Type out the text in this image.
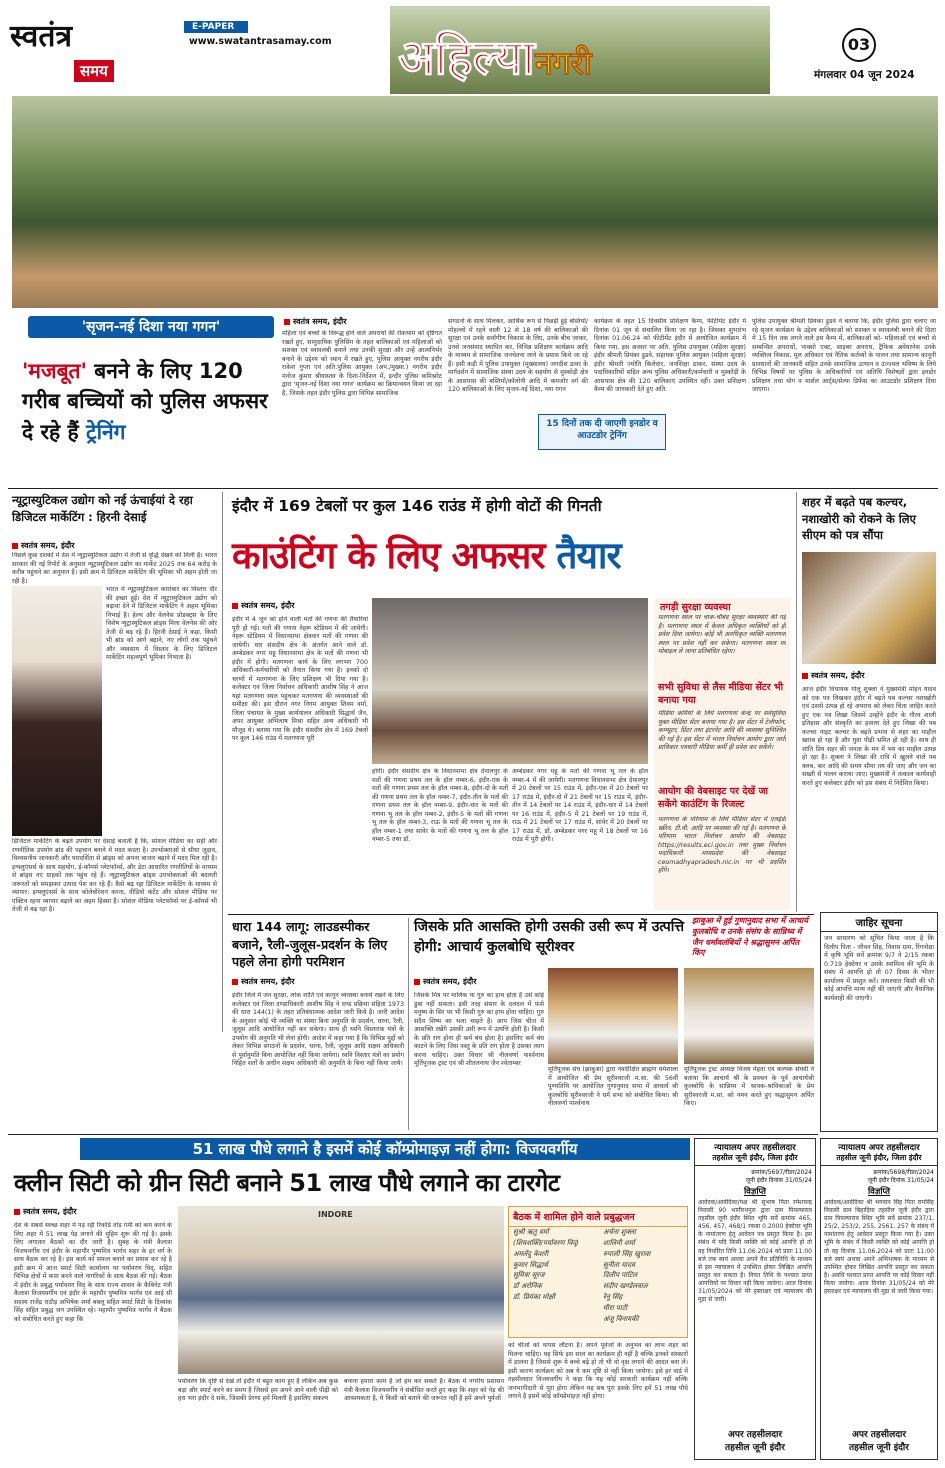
स्वतंत्र
समय
E-PAPER
www.swatantrasamay.com अहिल्यानगरी	03
मंगलवार 04 जून 2024
'सृजन-नई दिशा नया गगन'
'मजबूत' बनने के लिए 120 गरीब बच्चियों को पुलिस अफसर दे रहे हैं ट्रेनिंग
स्वतंत्र समय, इंदौर
महिला एवं बच्चों के विरूद्ध होने वाले अपराधों की रोकथाम को दृष्टिगत रखते हुए, सामुदायिक पुलिसिंग के तहत बालिकाओं एवं महिलाओं को सशक्त एवं स्वावलंबी बनाने तथा उनकी सुरक्षा और उन्हें आत्मनिर्भर बनाने के उद्देश्य को ध्यान में रखते हुए, पुलिस आयुक्त नगरीय इंदौर राकेश गुप्ता एवं अति.पुलिस आयुक्त (अप./मुख्या.) नगरीय इंदौर मनोज कुमार श्रीवास्तव के दिशा-निर्देशन में, इन्दौर पुलिस कमिश्नरेट द्वारा 'सृजन-नई दिशा नया गगन' कार्यक्रम का क्रियान्वयन किया जा रहा है, जिसके तहत इंदौर पुलिस द्वारा विभिन्न सामाजिक
संगठनों के साथ मिलकर, आर्थिक रूप से पिछड़ी हुई बस्तियों/मोहल्लों में रहने वाली 12 से 18 वर्ष की बालिकाओं की सुरक्षा एवं उनके सर्वांगीण विकास के लिए, उनके बीच जाकर, उनसे जनसंवाद स्थापित कर, विभिन्न प्रशिक्षण कार्यक्रम आदि के माध्यम से सामाजिक जनचेतना लाने के प्रयास किये जा रहे हैं। इसी कड़ी में पुलिस उपायुक्त (मुख्यालय) जगदीश डावर के मार्गदर्शन में सामाजिक संस्था उदय के सहयोग से मुस्कोड़ी क्षेत्र के आसपास की बस्तियों/कॉलोनी आदि में कमजोर वर्ग की 120 बालिकाओं के लिए सृजन-नई दिशा, नया गगन
15 दिनों तक दी जाएगी इनडोर व आउटडोर ट्रेनिंग
कार्यक्रम के तहत 15 दिवसीय प्रशिक्षण कैम्प, फीटीमेंट इंदौर में दिनांक 01 जून से संचालित किया जा रहा है। जिसका शुभारंभ दिनांक 01.06.24 को फीटीमेंट इंदौर में आयोजित कार्यक्रम में किया गया, इस अवसर पर अति. पुलिस उपायुक्त (महिला सुरक्षा) इंदौर श्रीमती प्रियंका डुडवे, सहायक पुलिस आयुक्त (महिला सुरक्षा) इंदौर श्रीमती ज्योति किलेदार, जनशिक्षा ठाकर, संस्था उदय के पदाधिकारियों सहित अन्य पुलिस अधिकारी/कर्मचारी व मुस्कोड़ी के आसपास क्षेत्र की 120 बालिकाएं उपस्थित रहीं। उक्त प्रशिक्षण कैम्प की जानकारी देते हुए अति.
पुलिस उपायुक्त श्रीमती प्रियंका डुडवे ने बताया कि, इंदौर पुलिस द्वारा चलाए जा रहे सृजन कार्यक्रम के उद्देश्य बालिकाओं को सशक्त व स्वावलंबी बनाने की दिशा में 15 दिन तक लगने वाले इस कैम्प में, बालिकाओं को- महिलाओं एवं बच्चों से सम्बन्धित अपराधों, पाक्सो एक्ट, साइबर अपराध, ट्रैफिक अवेयरनेस उनके व्यक्तित्व विकास, मूल अधिकार एवं नैतिक कर्तव्यों के पालन तथा सामान्य कानूनी प्रावधानों की जानकारी सहित उनके सामाजिक उत्थान व उज्ज्वल भविष्य के लिये विभिन्न विषयों पर पुलिस के अधिकारियों एवं अतिथि विशेषज्ञों द्वारा इनडोर प्रशिक्षण तथा योग व मार्शल आर्ट्स/सेल्फ डिफेंस का आउटडोर प्रशिक्षण दिया जाएगा।
न्यूट्रास्युटिकल उद्योग को नई ऊंचाईयां दे रहा डिजिटल मार्केटिंग : हिरनी देसाई
स्वतंत्र समय, इंदौर
पिछले कुछ दशकों में देश में न्यूट्रास्युटिकल उद्योग में तेजी से वृद्धि देखने को मिली है। भारत सरकार की नई रिपोर्ट के अनुसार न्यूट्रास्युटिकल उद्योग का मार्केट 2025 तक 64 करोड़ के करीब पहुंचने का अनुमान है। इसी क्रम में डिजिटल मार्केटिंग की भूमिका भी अहम होती जा रही है।
भारत में न्यूट्रास्युटिकल कारोबार का विस्तार दौर की इच्छा हुई। देश में न्यूट्रास्युटिकल उद्योग को बढ़ावा देने में डिजिटल मार्केटिंग ने अहम भूमिका निभाई है। हेल्थ और वेलनेस प्रोडक्ट्स के लिए विशेष न्यूट्रास्युटिकल ब्रांड्स मिला वेलनेस की ओर तेजी से बढ़ रहे हैं। हिरनी देसाई ने कहा, किसी भी ब्रांड को आगे बढ़ाने, नए लोगों तक पहुंचने और व्यवसाय में विस्तार के लिए डिजिटल मार्केटिंग महत्वपूर्ण भूमिका निभाता है।
डिजिटल मार्केटिंग के बढ़ते उपयोग पर देसाई बताती हैं कि, सोशल मीडिया का सही और रणनीतिक उपयोग ब्रांड की पहचान बनाने में मदद करता है। उपभोक्ताओं से सीधा जुड़ाव, विश्वसनीय जानकारी और पारदर्शिता से ब्रांड्स को अपना बाजार बढ़ाने में मदद मिल रही है। इन्फ्लुएंसर्स के साथ सहयोग, ई-कॉमर्स प्लेटफॉर्म्स, और डेटा आधारित रणनीतियों के माध्यम से ब्रांड्स नए ग्राहकों तक पहुंच रहे हैं। न्यूट्रास्युटिकल ब्रांड्स उपभोक्ताओं की बदलती जरूरतों को समझकर उत्पाद पेश कर रहे हैं। कैसे बढ़ रहा डिजिटल मार्केटिंग के माध्यम से व्यापार: इन्फ्लुएंसर्स के साथ कोलेबोरेशन करना, वीडियो कंटेंट और सोशल मीडिया पर एक्टिव रहना व्यापार बढ़ाने का अहम हिस्सा है। सोशल मीडिया प्लेटफॉर्म्स पर ई-कॉमर्स भी तेजी से बढ़ रहा है।
इंदौर में 169 टेबलों पर कुल 146 राउंड में होगी वोटों की गिनती
काउंटिंग के लिए अफसर तैयार
स्वतंत्र समय, इंदौर
इंदौर में 4 जून को होने वाली मतों की गणना की तैयारियां पूरी हो गई। मतों की गणना नेहरू स्टेडियम में की जायेगी। नेहरू स्टेडियम में विधानसभा क्षेत्रवार मतों की गणना की जायेगी। धार संसदीय क्षेत्र के अंतर्गत आने वाले डॉ. अम्बेडकर नगर महू विधानसभा क्षेत्र के मतों की गणना भी इंदौर में होगी। मतगणना कार्य के लिए लगभग 700 अधिकारी-कर्मचारियों को तैनात किया गया है। इनको दो चरणों में मतगणना के लिए प्रशिक्षण भी दिया गया है। कलेक्टर एवं जिला निर्वाचन अधिकारी आशीष सिंह ने आज यहां मतगणना स्थल पहुंचकर मतगणना की व्यवस्थाओं की समीक्षा की। इस दौरान नगर निगम आयुक्त शिवम वर्मा, जिला पंचायत के मुख्य कार्यपालन अधिकारी सिद्धार्थ जैन, अपर आयुक्त अभिलाष मिश्रा सहित अन्य अधिकारी भी मौजूद थे। बताया गया कि इंदौर संसदीय क्षेत्र में 169 टेबलों पर कुल 146 राउंड में मतगणना पूरी
होगी। इंदौर संसदीय क्षेत्र के विधानसभा क्षेत्र देपालपुर के मतों की गणना प्रथम तल के हॉल नम्बर-6, इंदौर-एक के मतों की गणना प्रथम तल के हॉल नम्बर-8, इंदौर-दो के मतों की गणना प्रथम तल के हॉल नम्बर-7, इंदौर-तीन के मतों की गणना प्रथम तल के हॉल नम्बर-9, इंदौर-चार के मतों की गणना भू तल के हॉल नम्बर-2, इंदौर-5 के मतों की गणना भू तल के हॉल नम्बर-3, राऊ के मतों की गणना भू तल के हॉल नम्बर-1 तथा सांवेर के मतों की गणना भू तल के हॉल नम्बर-5 तथा डॉ.
अम्बेडकर नगर महू के मतों की गणना भू तल के हॉल नम्बर-4 में की जायेगी। मतगणना विधानसभा क्षेत्र देपालपुर में 20 टेबलों पर 15 राउंड में, इंदौर-एक में 20 टेबलों पर 17 राउंड में, इंदौर-दो में 21 टेबलों पर 15 राउंड में, इंदौर-तीन में 14 टेबलों पर 14 राउंड में, इंदौर-चार में 14 टेबलों पर 16 राउंड में, इंदौर-5 में 21 टेबलों पर 19 राउंड में, राऊ में 21 टेबलों पर 17 राउंड में, सांवेर में 20 टेबलों पर 17 राउंड में, डॉ. अम्बेडकर नगर महू में 18 टेबलों पर 16 राउंड में पूरी होगी।
तगड़ी सुरक्षा व्यवस्था
मतगणना स्थल पर चाक-चौबंद सुरक्षा व्यवस्थाएं की गई है। मतगणना स्थल में केवल अधिकृत व्यक्तियों को ही प्रवेश दिया जायेगा। कोई भी अनधिकृत व्यक्ति मतगणना स्थल पर प्रवेश नहीं कर सकेगा। मतगणना स्थल पर मोबाइल ले जाना प्रतिबंधित रहेगा।
सभी सुविधा से लैस मीडिया सेंटर भी बनाया गया
मीडिया कर्मियों के लिये मतगणना केन्द्र पर सर्वसुविधा युक्त मीडिया सेंटर बनाया गया है। इस सेंटर में टेलीफोन, कम्प्यूटर, प्रिंटर तथा इंटरनेट आदि की व्यवस्था सुनिश्चित की गई है। इस सेंटर में भारत निर्वाचन आयोग द्वारा जारी प्राधिकार पत्रधारी मीडिया कर्मी ही प्रवेश कर सकेंगे।
आयोग की वेबसाइट पर देखें जा सकेंगे काउंटिंग के रिजल्ट
मतगणना के परिणाम के लिये मीडिया सेंटर में एलईडी स्क्रीन, टी.वी. आदि पर व्यवस्था की गई है। मतगणना के परिणाम भारत निर्वाचन आयोग की वेबसाइट https://results.eci.gov.in तथा मुख्य निर्वाचन पदाधिकारी मध्यप्रदेश की वेबसाइट ceomadhyapradesh.nic.in पर भी प्रदर्शित होंगे।
शहर में बढ़ते पब कल्चर, नशाखोरी को रोकने के लिए सीएम को पत्र सौंपा
स्वतंत्र समय, इंदौर
आज इंदौर विधायक गोलू शुक्ला ने मुख्यमंत्री मोहन यादव को एक पत्र लिखकर इंदौर में बढ़ते पब कल्चर नशाखोरी एवं उससे उत्पन्न हो रहे अपराध को लेकर चिंता जाहिर करते हुए एक पत्र लिखा जिसमें उन्होंने इंदौर के गौरव शाली इतिहास और संस्कृति का हवाला देते हुए लिखा की पब कल्चर नाइट कल्चर के बढ़ते प्रभाव से शहर का माहौल खराब हो रहा है और युवा पीढ़ी भ्रमित हो रही है। साथ ही शांति प्रिय शहर की जनता के मन में भय का माहौल उत्पन्न हो रहा है। शुक्ला ने लिखा की रात्रि में खुलने वाले पब क्लब, बार आदि की समय सीमा तय की जाए और जन का सख्ती से पालन कराया जाए। मुख्यमंत्री ने तत्काल कार्यवाही करते हुए कलेक्टर इंदौर को इस संबंध में निर्देशित किया।
जाहिर सूचना
जन साधारण को सूचित किया जाता है कि दिलीप पिता - जीवन सिंह, निवास ग्राम, रिंगनोद्या में कृषि भूमि सर्वे क्रमांक 9/7 ने 2/15 रकबा 0.719 हेक्टेयर व उसके स्वामित्व की भूमि के संबंध में आपत्ति हो तो 07 दिवस के भीतर कार्यालय में प्रस्तुत करें। तत्पश्चात किसी की भी कोई आपत्ति मान्य नहीं की जाएगी और वैधानिक कार्यवाही की जाएगी।
धारा 144 लागू: लाउडस्पीकर बजाने, रैली-जुलूस-प्रदर्शन के लिए पहले लेना होगी परमिशन
स्वतंत्र समय, इंदौर
इंदौर जिले में जन सुरक्षा, लोक शांति एवं कानून व्यवस्था बनाये रखने के लिए कलेक्टर एवं जिला दण्डाधिकारी आशीष सिंह ने दण्ड प्रक्रिया संहिता 1973 की धारा 144(1) के तहत प्रतिबंधात्मक आदेश जारी किये है। जारी आदेश के अनुसार कोई भी व्यक्ति या संस्था बिना अनुमति के प्रदर्शन, धरना, रैली, जुलूस आदि आयोजित नहीं कर सकेगा। साथ ही ध्वनि विस्तारक यंत्रों के उपयोग की अनुमति भी लेना होगी। आदेश में कहा गया है कि विभिन्न मुद्दों को लेकर विभिन्न संगठनों के प्रदर्शन, धरना, रैली, जुलूस आदि सक्षम अधिकारी से पूर्वानुमति बिना आयोजित नहीं किया जायेगा। ध्वनि विस्तार यंत्रों का प्रयोग निहित शर्तों के अधीन सक्षम अधिकारी की अनुमति के बिना नहीं किया जाये।
जिसके प्रति आसक्ति होगी उसकी उसी रूप में उत्पत्ति होगी: आचार्य कुलबोधि सूरीश्वर
स्वतंत्र समय, इंदौर
जिसके मित्र पर मालिक या गुरु का हाथ होता है उसे कोई डुबा नहीं सकता। इसी तरह संसार के दलदल में फंसे मनुष्य के सिर पर भी किसी गुरु का हाथ होना चाहिए। गुरु सदैव शिष्य का भला चाहते है। आप जिस चीज में आसक्ति रखेंगे उसकी उसी रूप में उत्पत्ति होती है। किसी के प्रति राग होना ही कर्म बंध होता है। इसलिए कर्म बंध काटने के लिए जिस वस्तु के प्रति राग होता है उसका त्याग करना चाहिए। उक्त विचार श्री नीलवर्णा पार्श्वनाथ मूर्तिपूजक ट्रस्ट एवं श्री शीतलनाथ जैन श्वेताम्बर
झाबुआ में हुई गुणानुवाद सभा में आचार्य कुलबोधि व उनके संसंघ के सान्निध्य में जैन धर्मावलंबियों ने श्रद्धासुमन अर्पित किए
मूर्तिपूजक संघ (झाबुआ) द्वारा नवदीक्षित ब्राह्मण धर्मशाला में आयोजित श्री प्रेम सूरीश्वरजी म.सा. की 56वीं पुण्यतिथि पर आयोजित गुणानुवाद सभा में आचार्य श्री कुलबोधि सूरीश्वरजी ने धर्म सभा को संबोधित किया। श्री नीलवर्णा पार्श्वनाथ
मूर्तिपूजक ट्रस्ट अध्यक्ष विजय मेहता एवं कल्पक संघवी ने बताया कि आचार्य श्री के प्रवचन के पूर्व आचार्यश्री कुलबोधि के सान्निध्य में श्रावक-श्राविकाओं के प्रेम सूरीश्वरजी म.सा. को नमन करते हुए श्रद्धासुमन अर्पित किए।
51 लाख पौधे लगाने है इसमें कोई कॉम्प्रोमाइज़ नहीं होगा: विजयवर्गीय
क्लीन सिटी को ग्रीन सिटी बनाने 51 लाख पौधे लगाने का टारगेट
स्वतंत्र समय, इंदौर
देश के सबसे स्वच्छ शहर में पड़ रही रिकॉर्ड तोड़ गर्मी को कम करने के लिए शहर में 51 लाख पेड़ लगाने की मुहिम शुरू की गई है। इसके लिए लगातार बैठकों का दौर जारी है। सुबह के मंत्री कैलाश विजयवर्गीय एवं इंदौर के महापौर पुष्यमित्र भार्गव शहर के हर वर्ग के साथ बैठक कर रहे है। इस कार्य को सफल बनाने का प्रयास कर रहे है इसी क्रम में आज स्मार्ट सिटी कार्यालय पर पर्यावरण विद्, सहित विभिन्न क्षेत्रों में काम करने वाले नागरिकों के साथ बैठक की गई। बैठक में इंदौर के प्रबुद्ध पर्यावरण विद् के साथ राज्य शासन के कैबिनेट मंत्री कैलाश विजयवर्गीय एवं इंदौर के महापौर पुष्यमित्र भार्गव एवं आई सी सदस्य राजेंद्र राठौड़ अभिषेक शर्मा बबलू सहित स्मार्ट सिटी के दिव्यांक सिंह सहित प्रबुद्ध जन उपस्थित रहे। महापौर पुष्यमित्र भार्गव ने बैठक को संबोधित करते हुए कहा कि
INDORE
पर्यावरण कि दृष्टि से देखे तो इंदौर में बहुत काम हुए है लेकिन अब कुछ बड़ा और स्मार्ट करने का समय है जिससे हम अपने आने वाली पीढ़ी को हरा भरा इंदौर दे सके, जिसकी प्रेरणा हमें मिलती है इसलिए संकल्प
बनाना हमारा काम है जो हम कर सकते है। बैठक में नगरीय प्रशासन मंत्री कैलाश विजयवर्गीय ने संबोधित करते हुए कहा कि शहर को पेड़ की आवश्यकता है, ये किसी को बताने की जरूरत नहीं है हमें अपने पूर्वजों
बैठक में शामिल होने वाले प्रबुद्धजन
सुश्री ऋतु वर्मा
(शिवशक्ति/पर्यावरण विद्)
अमलेंदु केशरी
कुमार सिद्धार्थ
सुमित्रा सूरज
डॉ अरोनिक
डॉ. प्रियंका मोक्षी
अर्चना शुक्ला
शालिनी शर्मा
रुपाली सिंह खुरावा
सुनीता यादव
दिलीप पाटिल
संदीप खण्डेलवाल
रेनू सिंह
मीरा पाटी
अंजू विनायकी
को चीजों को वापस लौटना है। अपने पूर्वजों के अनुभव का लाभ शहर को मिलना चाहिए। यह सिर्फ इस साल का कार्यक्रम ही नहीं है बल्कि इनको संस्कारों में डालना है जिससे शुरू ये बच्चे बढ़े हो तो भी वो वृक्ष लगाने की आदत बना लें। इसी कारण कार्यक्रम को अब ये कम दृष्टि से नहीं किया जायेगा। इसे हर वार्ड में तहसीलदार विजयवर्गीय ने कहा कि यह कोई सरकारी कार्यक्रम नहीं बल्कि जनभागीदारी से पूरा होगा लेकिन यह सब पूरा इसके लिए हमें 51 लाख पौधे लगाने है इसमें कोई कॉम्प्रोमाइज़ नहीं होगा।
न्यायालय अपर तहसीलदार
तहसील जूनी इंदौर, जिला इंदौर
क्रमांक/5697/रीडर/2024
जूनी इंदौर दिनांक 31/05/24
विज्ञप्ति
आवेदक/आवेदिका/पक्ष श्री सुभाष पिता रमेशचन्द्र निवासी 90 भागीरथपुरा द्वारा ग्राम पिपल्याराव तहसील जूनी इंदौर स्थित भूमि सर्वे क्रमांक 465, 456, 457, 468/1 रकबा 0.2000 हेक्टेयर भूमि के नामांतरण हेतु आवेदन पत्र प्रस्तुत किया है। इस संबंध में यदि किसी व्यक्ति को कोई आपत्ति हो तो वह निर्धारित तिथि 11.06.2024 को प्रातः 11:00 बजे तक स्वयं अथवा अपने वैध प्रतिनिधि के माध्यम से इस न्यायालय में उपस्थित होकर लिखित आपत्ति प्रस्तुत कर सकता है। नियत तिथि के पश्चात प्राप्त आपत्तियों पर विचार नहीं किया जावेगा। आज दिनांक 31/05/2024 को मेरे हस्ताक्षर एवं न्यायालय की मुद्रा से जारी।
अपर तहसीलदार
तहसील जूनी इंदौर
न्यायालय अपर तहसीलदार
तहसील जूनी इंदौर, जिला इंदौर
क्रमांक/5698/रीडर/2024
जूनी इंदौर दिनांक 31/05/24
विज्ञप्ति
आवेदक/आवेदिका श्री भगवान सिंह पिता रामसिंह निवासी ग्राम बिहाड़िया तहसील जूनी इंदौर द्वारा ग्राम पिपल्याराव स्थित भूमि सर्वे क्रमांक 237/1, 25/2, 253/2, 255, 2561, 257 के संबंध में नामांतरण हेतु आवेदन प्रस्तुत किया गया है। उक्त भूमि के संबंध में किसी व्यक्ति को कोई आपत्ति हो तो वह दिनांक 11.06.2024 को प्रातः 11:00 बजे स्वयं अथवा अपने अभिभाषक के माध्यम से उपस्थित होकर लिखित आपत्ति प्रस्तुत कर सकता है। अवधि पश्चात प्राप्त आपत्ति पर कोई विचार नहीं किया जावेगा। आज दिनांक 31/05/24 को मेरे हस्ताक्षर एवं न्यायालय की मुद्रा से जारी किया गया।
अपर तहसीलदार
तहसील जूनी इंदौर
